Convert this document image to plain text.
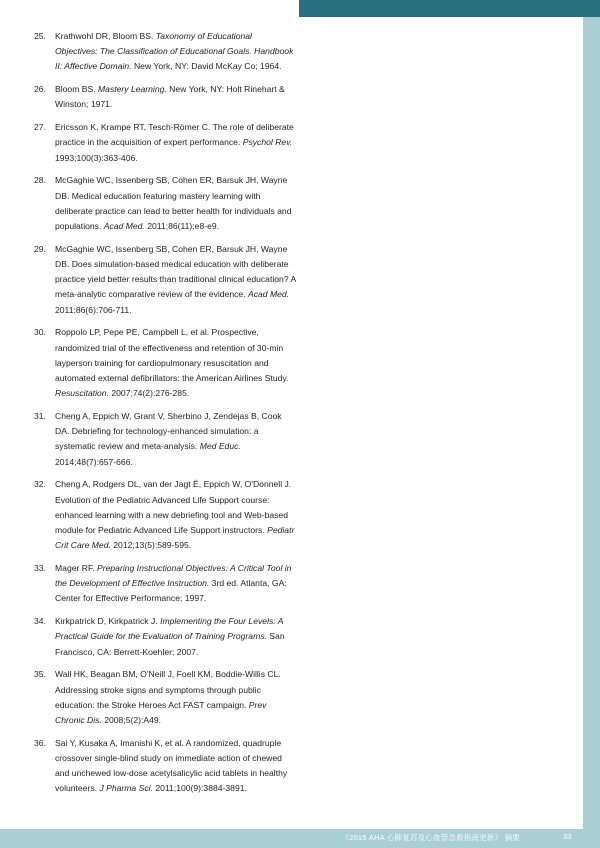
25. Krathwohl DR, Bloom BS. Taxonomy of Educational Objectives: The Classification of Educational Goals. Handbook II: Affective Domain. New York, NY: David McKay Co; 1964.
26. Bloom BS. Mastery Learning. New York, NY: Holt Rinehart & Winston; 1971.
27. Ericsson K, Krampe RT, Tesch-Römer C. The role of deliberate practice in the acquisition of expert performance. Psychol Rev. 1993;100(3):363-406.
28. McGaghie WC, Issenberg SB, Cohen ER, Barsuk JH, Wayne DB. Medical education featuring mastery learning with deliberate practice can lead to better health for individuals and populations. Acad Med. 2011;86(11):e8-e9.
29. McGaghie WC, Issenberg SB, Cohen ER, Barsuk JH, Wayne DB. Does simulation-based medical education with deliberate practice yield better results than traditional clinical education? A meta-analytic comparative review of the evidence. Acad Med. 2011;86(6):706-711.
30. Roppolo LP, Pepe PE, Campbell L, et al. Prospective, randomized trial of the effectiveness and retention of 30-min layperson training for cardiopulmonary resuscitation and automated external defibrillators: the American Airlines Study. Resuscitation. 2007;74(2):276-285.
31. Cheng A, Eppich W, Grant V, Sherbino J, Zendejas B, Cook DA. Debriefing for technology-enhanced simulation: a systematic review and meta-analysis. Med Educ. 2014;48(7):657-666.
32. Cheng A, Rodgers DL, van der Jagt É, Eppich W, O'Donnell J. Evolution of the Pediatric Advanced Life Support course: enhanced learning with a new debriefing tool and Web-based module for Pediatric Advanced Life Support instructors. Pediatr Crit Care Med. 2012;13(5):589-595.
33. Mager RF. Preparing Instructional Objectives: A Critical Tool in the Development of Effective Instruction. 3rd ed. Atlanta, GA: Center for Effective Performance; 1997.
34. Kirkpatrick D, Kirkpatrick J. Implementing the Four Levels: A Practical Guide for the Evaluation of Training Programs. San Francisco, CA: Berrett-Koehler; 2007.
35. Wall HK, Beagan BM, O'Neill J, Foell KM, Boddie-Willis CL. Addressing stroke signs and symptoms through public education: the Stroke Heroes Act FAST campaign. Prev Chronic Dis. 2008;5(2):A49.
36. Sai Y, Kusaka A, Imanishi K, et al. A randomized, quadruple crossover single-blind study on immediate action of chewed and unchewed low-dose acetylsalicylic acid tablets in healthy volunteers. J Pharma Sci. 2011;100(9):3884-3891.
《2015 AHA 心肺复苏及心血管急救指南更新》 摘要	33
